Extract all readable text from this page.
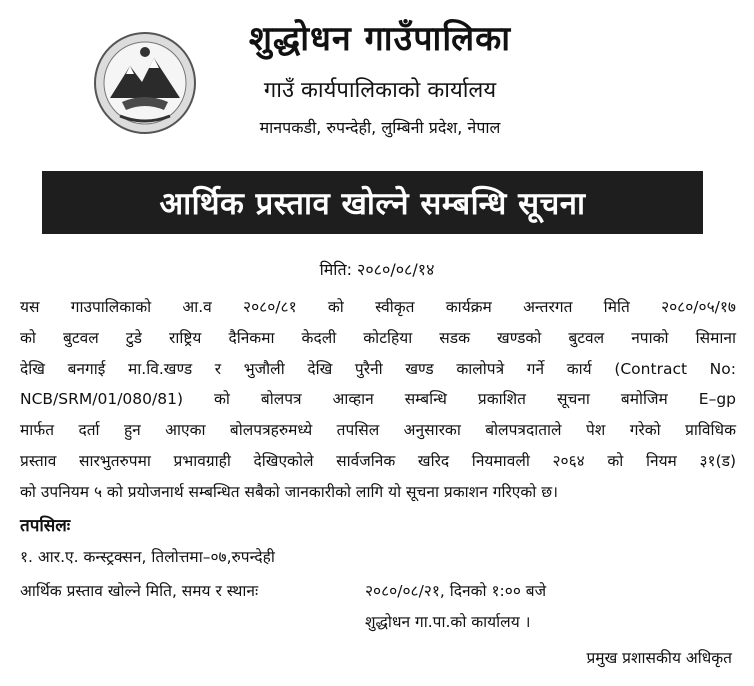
शुद्धोधन गाउँपालिका
गाउँ कार्यपालिकाको कार्यालय
मानपकडी, रुपन्देही, लुम्बिनी प्रदेश, नेपाल
आर्थिक प्रस्ताव खोल्ने सम्बन्धि सूचना
मिति: २०८०/०८/१४
यस गाउपालिकाको आ.व २०८०/८१ को स्वीकृत कार्यक्रम अन्तरगत मिति २०८०/०५/१७
को बुटवल टुडे राष्ट्रिय दैनिकमा केदली कोटहिया सडक खण्डको बुटवल नपाको सिमाना
देखि बनगाई मा.वि.खण्ड र भुजौली देखि पुरैनी खण्ड कालोपत्रे गर्ने कार्य (Contract No:
NCB/SRM/01/080/81) को बोलपत्र आव्हान सम्बन्धि प्रकाशित सूचना बमोजिम E–gp
मार्फत दर्ता हुन आएका बोलपत्रहरुमध्ये तपसिल अनुसारका बोलपत्रदाताले पेश गरेको प्राविधिक
प्रस्ताव सारभुतरुपमा प्रभावग्राही देखिएकोले सार्वजनिक खरिद नियमावली २०६४ को नियम ३१(ड)
को उपनियम ५ को प्रयोजनार्थ सम्बन्धित सबैको जानकारीको लागि यो सूचना प्रकाशन गरिएको छ।
तपसिलः
१. आर.ए. कन्स्ट्रक्सन, तिलोत्तमा–०७,रुपन्देही
आर्थिक प्रस्ताव खोल्ने मिति, समय र स्थानः	२०८०/०८/२१, दिनको १:०० बजे
शुद्धोधन गा.पा.को कार्यालय ।
प्रमुख प्रशासकीय अधिकृत
